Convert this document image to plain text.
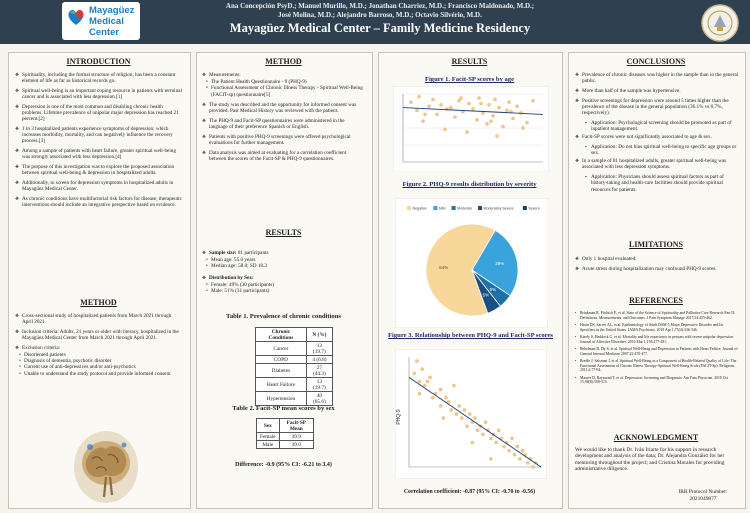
Mayagüez Medical Center
Ana Concepción PsyD.; Manuel Murillo, M.D.; Jonathan Charriez, M.D.; Francisco Maldonado, M.D.;
José Molina, M.D.; Alejandro Barroso, M.D.; Octavio Silvério, M.D.
Mayagüez Medical Center – Family Medicine Residency
INTRODUCTION
❖ Spirituality, including the formal structure of religion, has been a constant element of life as far as historical records go.
❖ Spiritual well-being is an important coping resource in patients with terminal cancer and is associated with less depression.[1]
❖ Depression is one of the most common and disabling chronic health problems. Lifetime prevalence of unipolar major depression has reached 21 percent.[2]
❖ 1 in 3 hospitalized patients experience symptoms of depression; which increases morbidity, mortality, and can negatively influence the recovery process.[3]
❖ Among a sample of patients with heart failure, greater spiritual well-being was strongly associated with less depression.[4]
❖ The purpose of this investigation was to explore the proposed association between spiritual well-being & depression in hospitalized adults.
❖ Additionally, to screen for depression symptoms in hospitalized adults in Mayagüez Medical Center.
❖ As chronic conditions have multifactorial risk factors for disease, therapeutic interventions should include an integrative perspective based on evidence.
METHOD
❖ Cross-sectional study of hospitalized patients from March 2021 through April 2021.
❖ Inclusion criteria: Adults, 21 years or older with literacy, hospitalized in the Mayagüez Medical Center from March 2021 through April 2021.
❖ Exclusion criteria:
• Disoriented patients
• Diagnosis of dementia, psychotic disorder
• Current use of anti-depressives and/or anti-psychotics
• Unable to understand the study protocol and provide informed consent
METHOD
❖ Measurements:
• The Patient Health Questionnaire - 9 (PHQ-9)
• Functional Assessment of Chronic Illness Therapy - Spiritual Well-Being (FACIT-sp) questionnaire[5]
❖ The study was described and the opportunity for informed consent was provided. Past Medical History was reviewed with the patient.
❖ The PHQ-9 and Facit-SP questionnaires were administered in the language of their preference Spanish or English.
❖ Patients with positive PHQ-9 screenings were offered psychological evaluations for further management.
❖ Data analysis was aimed at evaluating for a correlation coefficient between the scores of the Facit-SP & PHQ-9 questionnaires.
RESULTS
❖ Sample size: 81 participants
• Mean age: 55.0 years
• Median age: 58.0; SD 18.3
❖ Distribution by Sex:
• Female: 49% (30 participants)
• Male: 51% (31 participants)
Table 1. Prevalence of chronic conditions
Chronic Conditions	N (%)
Cancer	13 (19.7)
COPD	4 (6.8)
Diabetes	27 (44.3)
Heart Failure	13 (19.7)
Hypertension	40 (65.6)
Table 2. Facit-SP mean scores by sex
Sex	Facit-SP Mean
Female	39.9
Male	39.0
Difference: -0.9 (95% CI: -6.21 to 3.4)
RESULTS
Figure 1. Facit-SP scores by age
Figure 2. PHQ-9 results distribution by severity
64%
26%
5%
5%
Negative	Mild	Moderate	Moderately Severe	Severe
Figure 3. Relationship between PHQ-9 and Facit-SP scores
PHQ-9
Correlation coefficient: -0.87 (95% CI: -0.70 to -0.56)
CONCLUSIONS
❖ Prevalence of chronic diseases was higher in the sample than in the general public.
❖ More than half of the sample was hypertensive.
❖ Positive screenings for depression were around 5 times higher than the prevalence of the disease in the general population (36.1% vs 6.7%, respectively).
▪ Application: Psychological screening should be promoted as part of inpatient management.
❖ Facit-SP scores were not significantly associated to age & sex.
▪ Application: Do not bias spiritual well-being to specific age groups or sex.
❖ In a sample of 81 hospitalized adults, greater spiritual well-being was associated with less depression symptoms.
▪ Application: Physicians should assess spiritual factors as part of history-taking and health-care facilities should provide spiritual resources for patients.
LIMITATIONS
❖ Only 1 hospital evaluated.
❖ Acute stress during hospitalization may confound PHQ-9 scores.
REFERENCES
• Brinkman R, Pitchick E, et al. State of the Science of Spirituality and Palliative Care Research Part II: Definitions, Measurements, and Outcomes. J Pain Symptom Manage 2017;54:455-462.
• Hasin DS, Sarvet AL, et al. Epidemiology of Adult DSM-5 Major Depressive Disorder and Its Specifiers in the United States. JAMA Psychiatry. 2018 Apr 1;75(4):336-346.
• Kisely S, Haddock G, et al. Mortality and life expectancy in persons with severe unipolar depression. Journal of Affective Disorders. 2016 Mar 1;193:277-281.
• Bekelman D, Dy S, et al. Spiritual Well-Being and Depression in Patients with Heart Failure. Journal of General Internal Medicine 2007;22:470-477.
• Bredle J, Salsman J, et al. Spiritual Well-Being as a Component of Health-Related Quality of Life: The Functional Assessment of Chronic Illness Therapy-Spiritual Well-Being Scale (FACIT-Sp). Religions. 2011;2:77-94.
• Maurer D, Raymond T, et al. Depression: Screening and Diagnosis. Am Fam Physician. 2018 Oct 15;98(8):508-515.
ACKNOWLEDGMENT
We would like to thank Dr. Iván Iriarte for his support in research development and analysis of the data; Dr. Alejandra González for her mentoring throughout the project; and Cristina Morales for providing administrative diligence.
IRB Protocol Number:
2021049877
